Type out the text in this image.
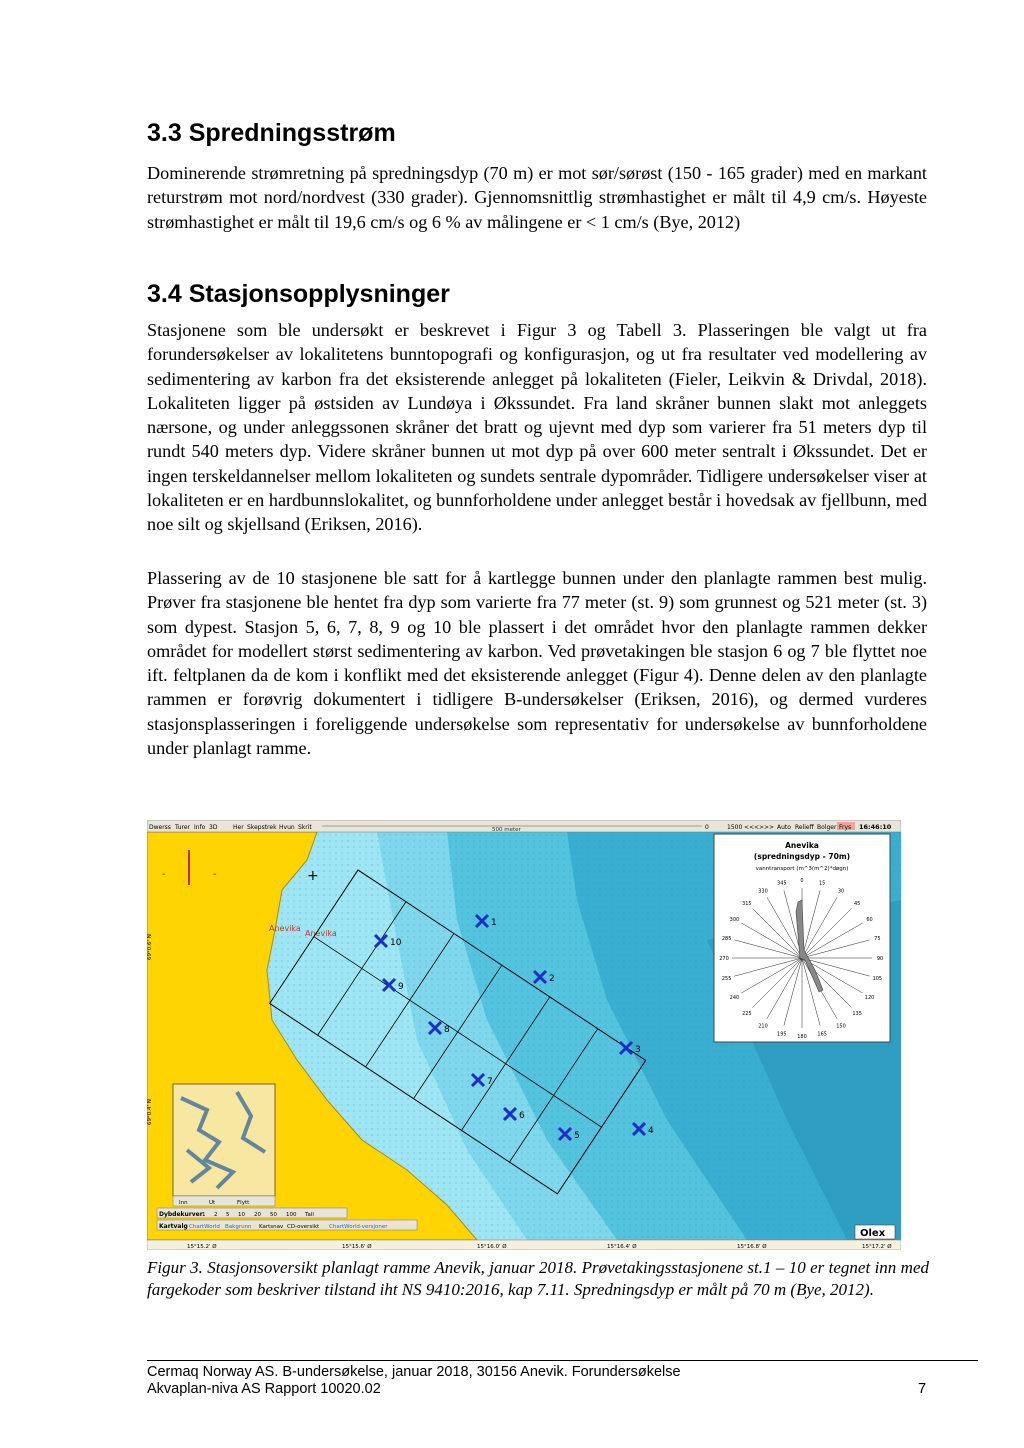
3.3 Spredningsstrøm

Dominerende strømretning på spredningsdyp (70 m) er mot sør/sørøst (150 - 165 grader) med en markant returstrøm mot nord/nordvest (330 grader). Gjennomsnittlig strømhastighet er målt til 4,9 cm/s. Høyeste strømhastighet er målt til 19,6 cm/s og 6 % av målingene er < 1 cm/s (Bye, 2012)

3.4 Stasjonsopplysninger

Stasjonene som ble undersøkt er beskrevet i Figur 3 og Tabell 3. Plasseringen ble valgt ut fra forundersøkelser av lokalitetens bunntopografi og konfigurasjon, og ut fra resultater ved modellering av sedimentering av karbon fra det eksisterende anlegget på lokaliteten (Fieler, Leikvin & Drivdal, 2018). Lokaliteten ligger på østsiden av Lundøya i Økssundet. Fra land skråner bunnen slakt mot anleggets nærsone, og under anleggssonen skråner det bratt og ujevnt med dyp som varierer fra 51 meters dyp til rundt 540 meters dyp. Videre skråner bunnen ut mot dyp på over 600 meter sentralt i Økssundet. Det er ingen terskeldannelser mellom lokaliteten og sundets sentrale dypområder. Tidligere undersøkelser viser at lokaliteten er en hardbunnslokalitet, og bunnforholdene under anlegget består i hovedsak av fjellbunn, med noe silt og skjellsand (Eriksen, 2016).

Plassering av de 10 stasjonene ble satt for å kartlegge bunnen under den planlagte rammen best mulig. Prøver fra stasjonene ble hentet fra dyp som varierte fra 77 meter (st. 9) som grunnest og 521 meter (st. 3) som dypest. Stasjon 5, 6, 7, 8, 9 og 10 ble plassert i det området hvor den planlagte rammen dekker området for modellert størst sedimentering av karbon. Ved prøvetakingen ble stasjon 6 og 7 ble flyttet noe ift. feltplanen da de kom i konflikt med det eksisterende anlegget (Figur 4). Denne delen av den planlagte rammen er forøvrig dokumentert i tidligere B-undersøkelser (Eriksen, 2016), og dermed vurderes stasjonsplasseringen i foreliggende undersøkelse som representativ for undersøkelse av bunnforholdene under planlagt ramme.

Dwerss Turer Info 3D	Her Skepstrek Hvun Skrit	500 meter	0	1500 <<< >>> Auto Relieff Bolger Frys 16:46:10
-	-	+
Anevika
Anevika
69°0.6' N
69°0.4' N
1
2
3
4
5
6
7
8
9
10
Anevika
(spredningsdyp - 70m)
vanntransport (m^3(m^2)*døgn)
0	15
30
45
60
75
90
105
120
135
150
165
180
195
210
225
240
255
270
285
300
315
330
345
Inn	Ut	Flytt
Dybdekurver 1 2 5 10 20 50 100 Tall
Kartvalg ChartWorld Bakgrunn Kartsnav CD-oversikt ChartWorld-versjoner
15°15.2' Ø	15°15.6' Ø	15°16.0' Ø	15°16.4' Ø	15°16.8' Ø	15°17.2' Ø
Olex

Figur 3. Stasjonsoversikt planlagt ramme Anevik, januar 2018. Prøvetakingsstasjonene st.1 – 10 er tegnet inn med fargekoder som beskriver tilstand iht NS 9410:2016, kap 7.11. Spredningsdyp er målt på 70 m (Bye, 2012).

Cermaq Norway AS. B-undersøkelse, januar 2018, 30156 Anevik. Forundersøkelse

Akvaplan-niva AS Rapport 10020.02	7
